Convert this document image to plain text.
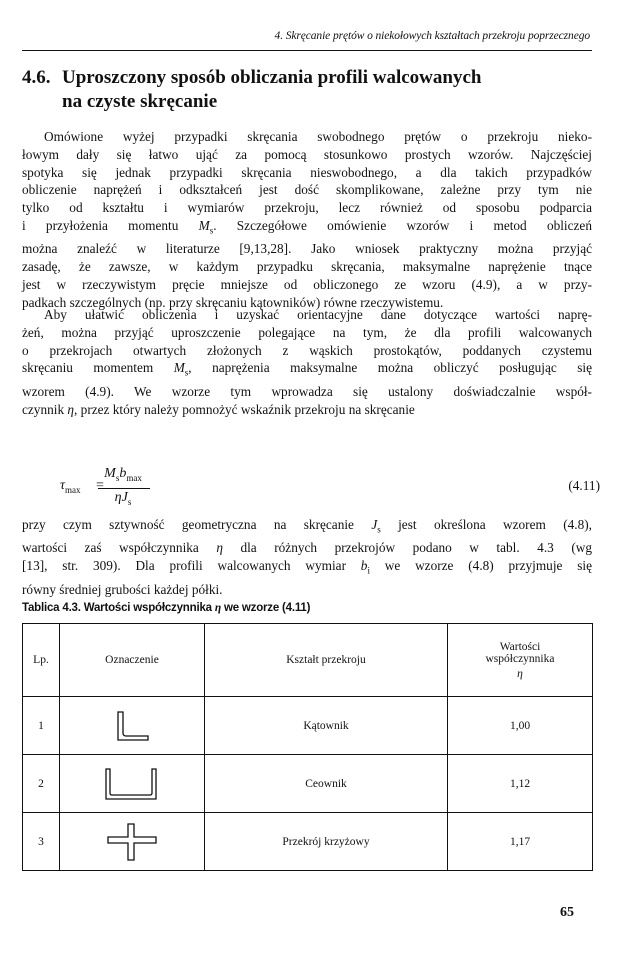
4. Skręcanie prętów o niekołowych kształtach przekroju poprzecznego
4.6. Uproszczony sposób obliczania profili walcowanych
na czyste skręcanie
Omówione wyżej przypadki skręcania swobodnego prętów o przekroju nieko-
łowym dały się łatwo ująć za pomocą stosunkowo prostych wzorów. Najczęściej
spotyka się jednak przypadki skręcania nieswobodnego, a dla takich przypadków
obliczenie naprężeń i odkształceń jest dość skomplikowane, zależne przy tym nie
tylko od kształtu i wymiarów przekroju, lecz również od sposobu podparcia
i przyłożenia momentu $M_s$. Szczegółowe omówienie wzorów i metod obliczeń
można znaleźć w literaturze [9,13,28]. Jako wniosek praktyczny można przyjąć
zasadę, że zawsze, w każdym przypadku skręcania, maksymalne naprężenie tnące
jest w rzeczywistym pręcie mniejsze od obliczonego ze wzoru (4.9), a w przy-
padkach szczególnych (np. przy skręcaniu kątowników) równe rzeczywistemu.
Aby ułatwić obliczenia i uzyskać orientacyjne dane dotyczące wartości naprę-
żeń, można przyjąć uproszczenie polegające na tym, że dla profili walcowanych
o przekrojach otwartych złożonych z wąskich prostokątów, poddanych czystemu
skręcaniu momentem $M_s$, naprężenia maksymalne można obliczyć posługując się
wzorem (4.9). We wzorze tym wprowadza się ustalony doświadczalnie współ-
czynnik η, przez który należy pomnożyć wskaźnik przekroju na skręcanie
$\tau_{max}$ =
$M_sb_{max}$
$\eta J_s$
(4.11)
przy czym sztywność geometryczna na skręcanie $J_s$ jest określona wzorem (4.8),
wartości zaś współczynnika η dla różnych przekrojów podano w tabl. 4.3 (wg
[13], str. 309). Dla profili walcowanych wymiar $b_i$ we wzorze (4.8) przyjmuje się
równy średniej grubości każdej półki.
Tablica 4.3. Wartości współczynnika η we wzorze (4.11)
Lp.	Oznaczenie	Kształt przekroju	Wartości
współczynnika
η

1		Kątownik	1,00
2		Ceownik	1,12
3		Przekrój krzyżowy	1,17
65
